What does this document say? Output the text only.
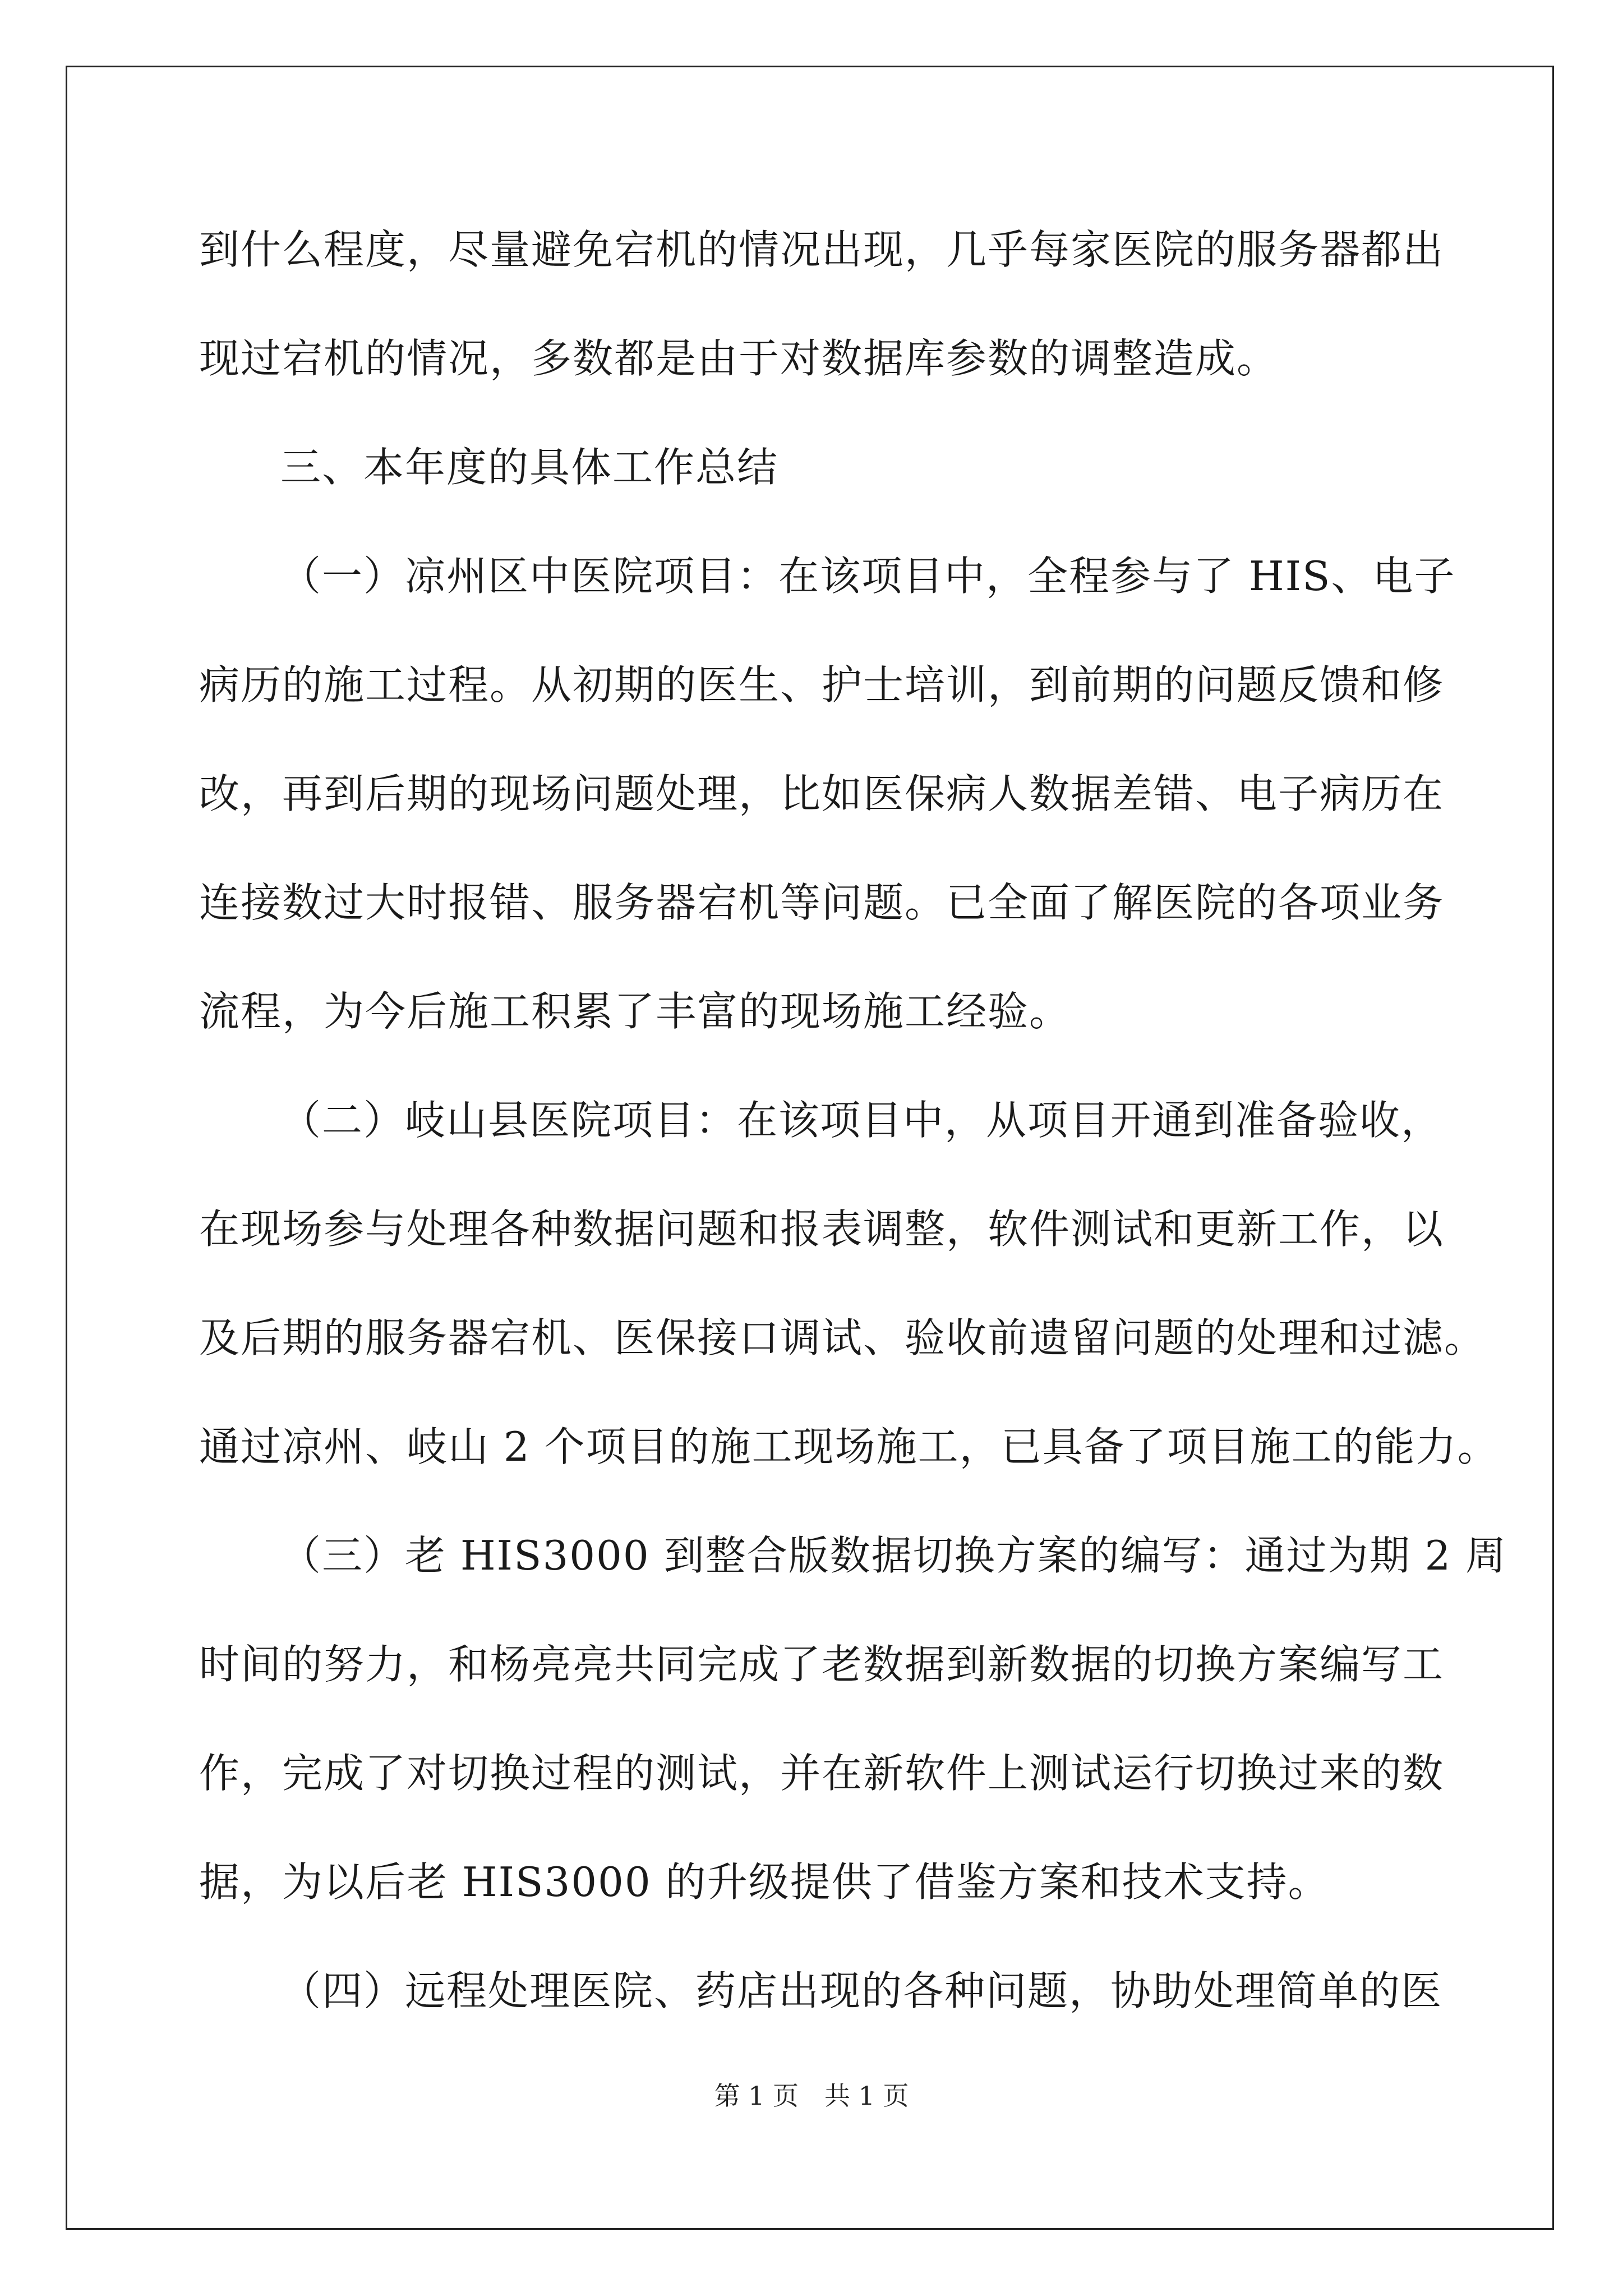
到什么程度，尽量避免宕机的情况出现，几乎每家医院的服务器都出
现过宕机的情况，多数都是由于对数据库参数的调整造成。
三、本年度的具体工作总结
（一）凉州区中医院项目：在该项目中，全程参与了 HIS、电子
病历的施工过程。从初期的医生、护士培训，到前期的问题反馈和修
改，再到后期的现场问题处理，比如医保病人数据差错、电子病历在
连接数过大时报错、服务器宕机等问题。已全面了解医院的各项业务
流程，为今后施工积累了丰富的现场施工经验。
（二）岐山县医院项目：在该项目中，从项目开通到准备验收，
在现场参与处理各种数据问题和报表调整，软件测试和更新工作，以
及后期的服务器宕机、医保接口调试、验收前遗留问题的处理和过滤。
通过凉州、岐山 2 个项目的施工现场施工，已具备了项目施工的能力。
（三）老 HIS3000 到整合版数据切换方案的编写：通过为期 2 周
时间的努力，和杨亮亮共同完成了老数据到新数据的切换方案编写工
作，完成了对切换过程的测试，并在新软件上测试运行切换过来的数
据，为以后老 HIS3000 的升级提供了借鉴方案和技术支持。
（四）远程处理医院、药店出现的各种问题，协助处理简单的医
第 1 页　共 1 页
